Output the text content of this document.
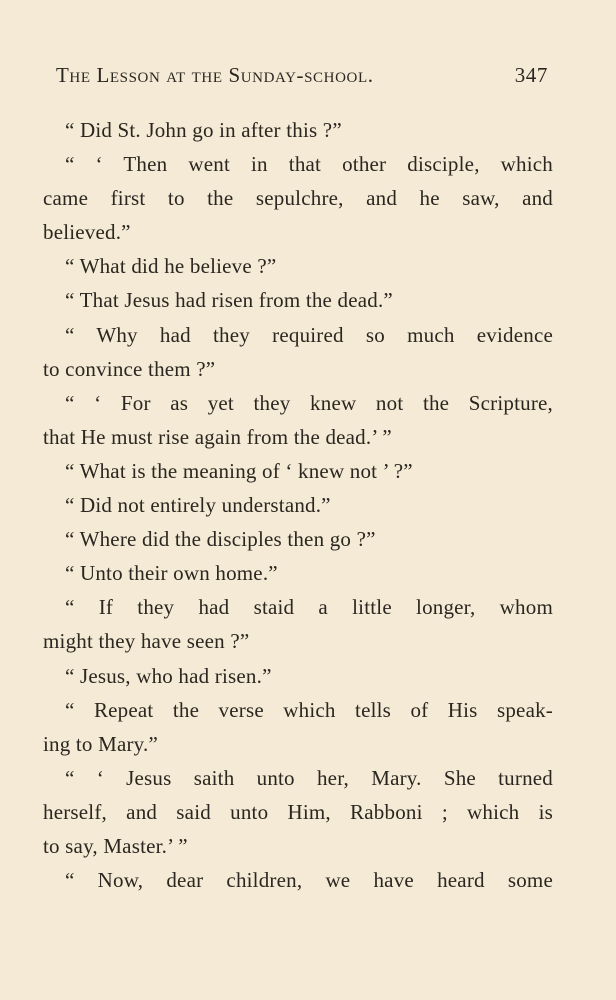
The Lesson at the Sunday-school.	347
“ Did St. John go in after this ?”
“ ‘ Then went in that other disciple, which
came first to the sepulchre, and he saw, and
believed.”
“ What did he believe ?”
“ That Jesus had risen from the dead.”
“ Why had they required so much evidence
to convince them ?”
“ ‘ For as yet they knew not the Scripture,
that He must rise again from the dead.’ ”
“ What is the meaning of ‘ knew not ’ ?”
“ Did not entirely understand.”
“ Where did the disciples then go ?”
“ Unto their own home.”
“ If they had staid a little longer, whom
might they have seen ?”
“ Jesus, who had risen.”
“ Repeat the verse which tells of His speak-
ing to Mary.”
“ ‘ Jesus saith unto her, Mary. She turned
herself, and said unto Him, Rabboni ; which is
to say, Master.’ ”
“ Now, dear children, we have heard some
